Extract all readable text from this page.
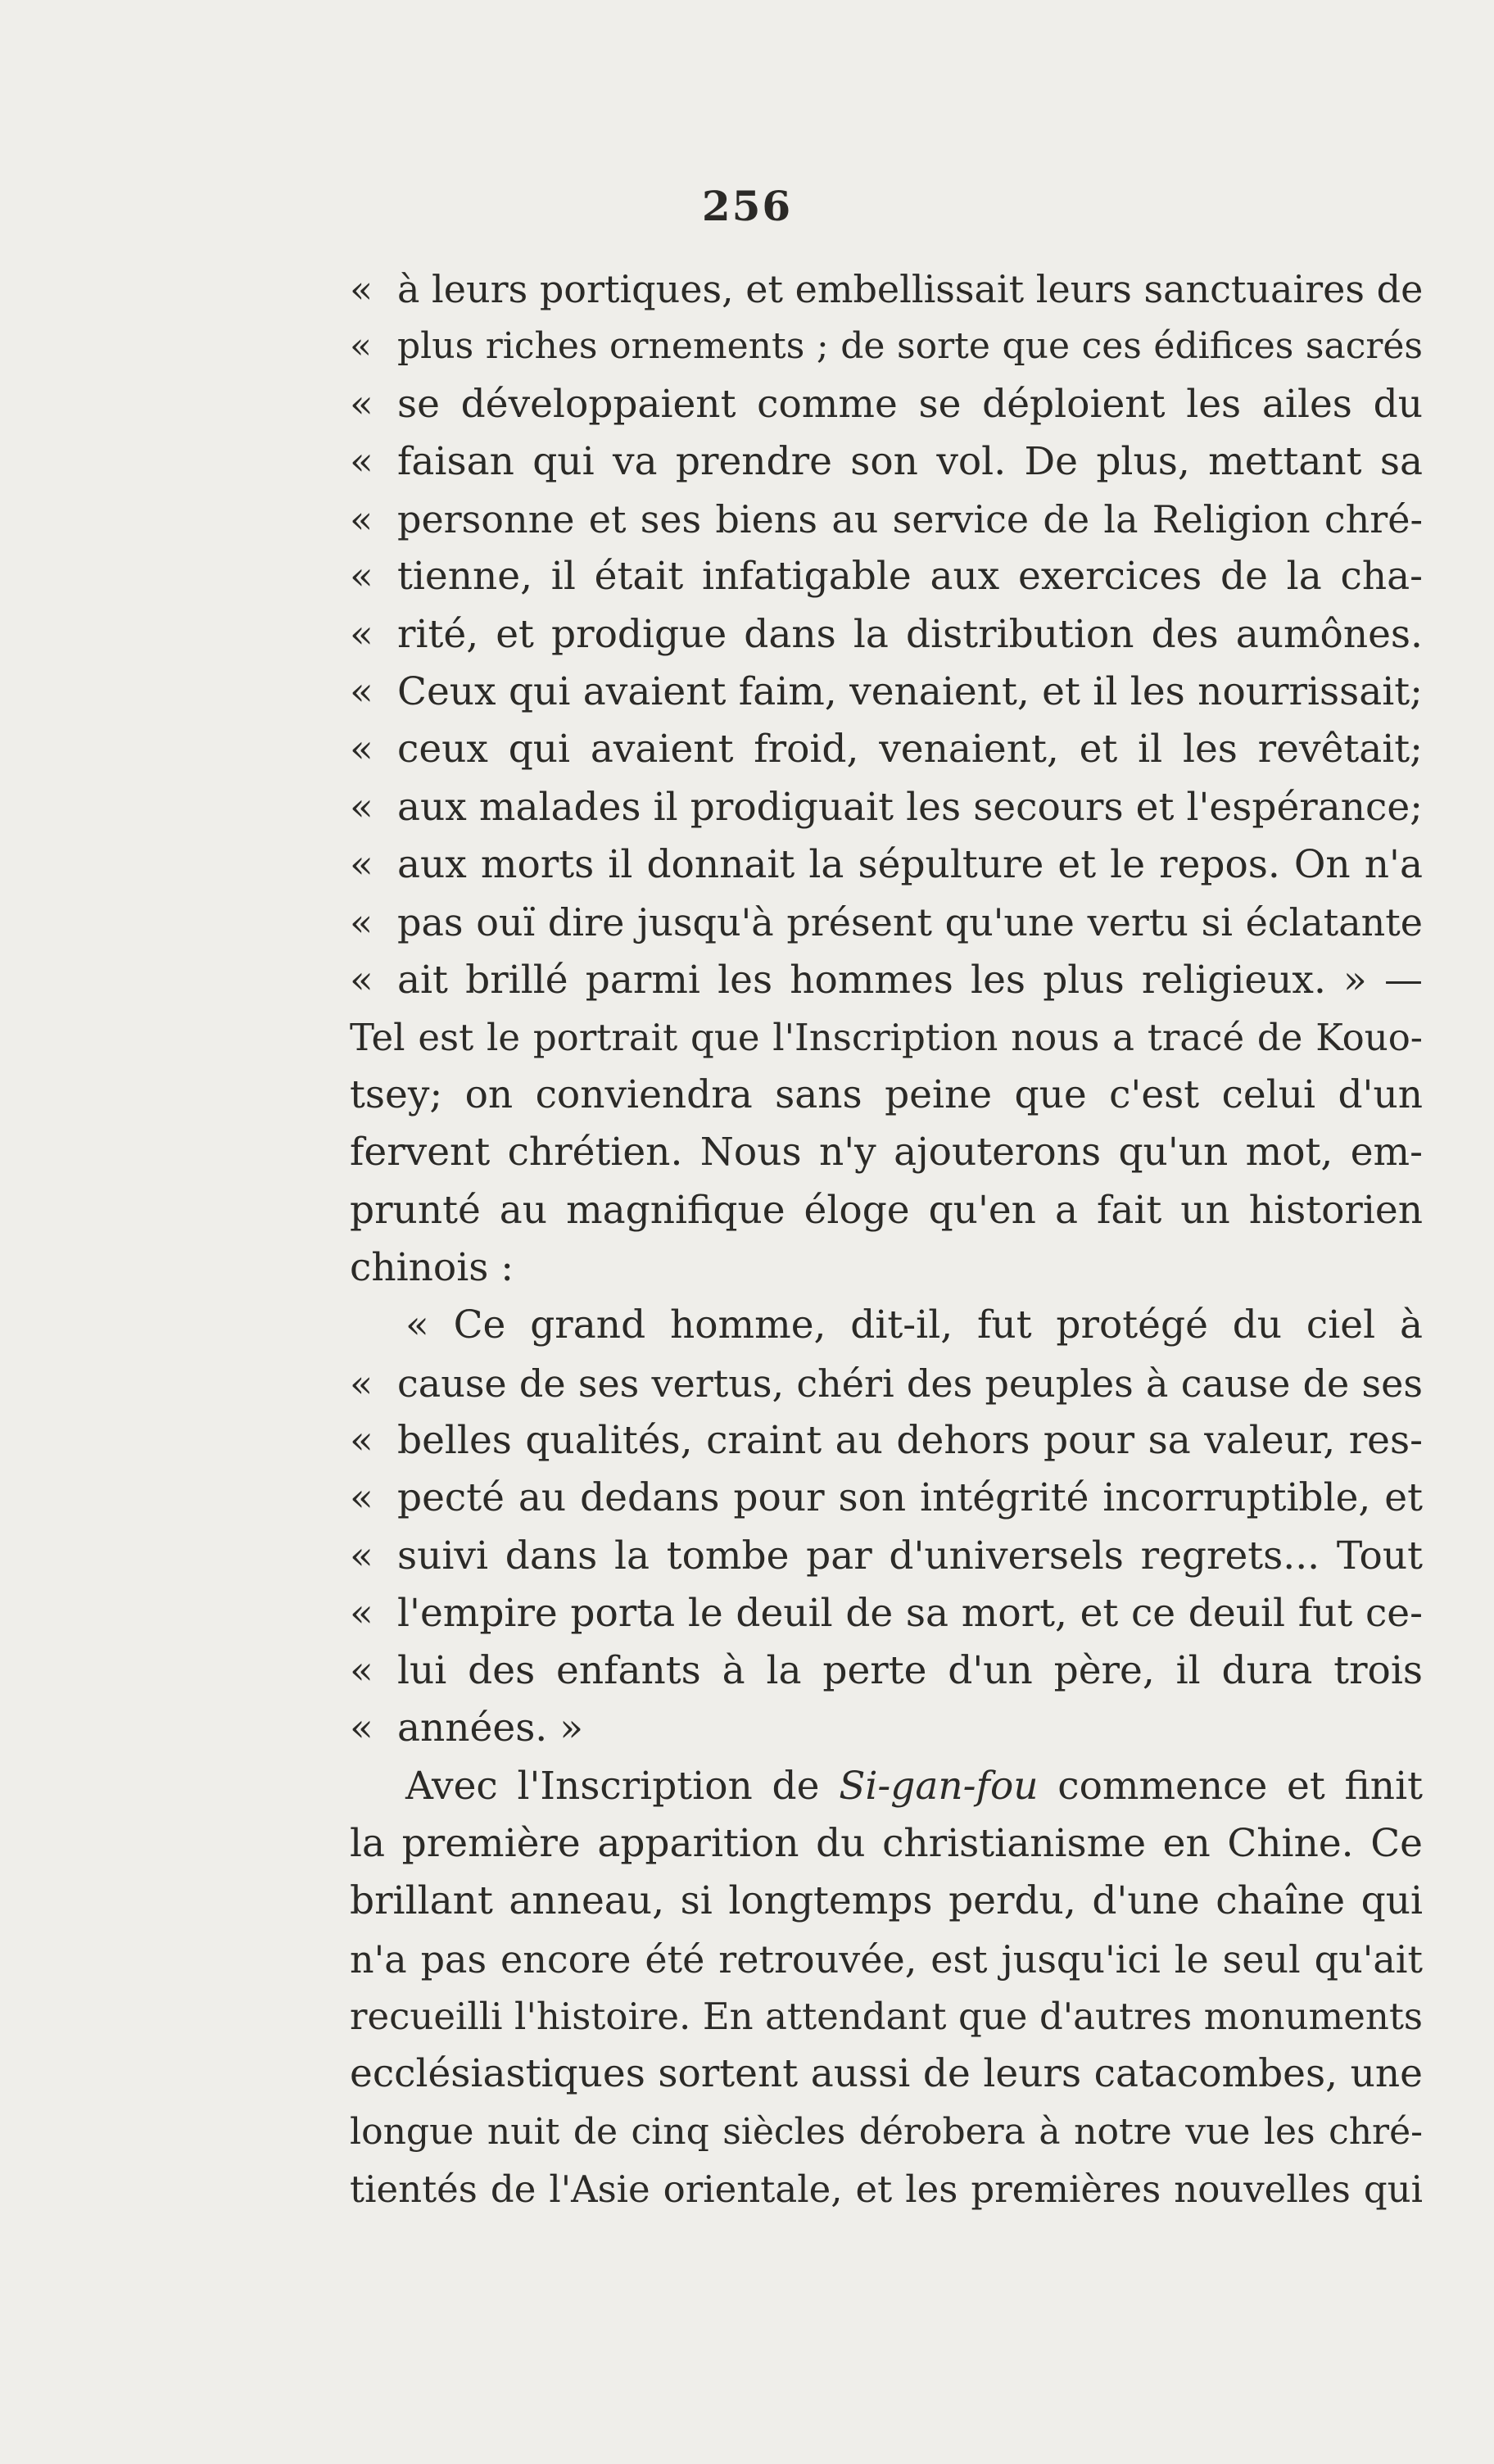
256
« à leurs portiques, et embellissait leurs sanctuaires de
« plus riches ornements ; de sorte que ces édifices sacrés
« se développaient comme se déploient les ailes du
« faisan qui va prendre son vol. De plus, mettant sa
« personne et ses biens au service de la Religion chré-
« tienne, il était infatigable aux exercices de la cha-
« rité, et prodigue dans la distribution des aumônes.
« Ceux qui avaient faim, venaient, et il les nourrissait;
« ceux qui avaient froid, venaient, et il les revêtait;
« aux malades il prodiguait les secours et l'espérance;
« aux morts il donnait la sépulture et le repos. On n'a
« pas ouï dire jusqu'à présent qu'une vertu si éclatante
« ait brillé parmi les hommes les plus religieux. » —
Tel est le portrait que l'Inscription nous a tracé de Kouo-
tsey; on conviendra sans peine que c'est celui d'un
fervent chrétien. Nous n'y ajouterons qu'un mot, em-
prunté au magnifique éloge qu'en a fait un historien
chinois :
« Ce grand homme, dit-il, fut protégé du ciel à
« cause de ses vertus, chéri des peuples à cause de ses
« belles qualités, craint au dehors pour sa valeur, res-
« pecté au dedans pour son intégrité incorruptible, et
« suivi dans la tombe par d'universels regrets... Tout
« l'empire porta le deuil de sa mort, et ce deuil fut ce-
« lui des enfants à la perte d'un père, il dura trois
« années. »
Avec l'Inscription de Si-gan-fou commence et finit
la première apparition du christianisme en Chine. Ce
brillant anneau, si longtemps perdu, d'une chaîne qui
n'a pas encore été retrouvée, est jusqu'ici le seul qu'ait
recueilli l'histoire. En attendant que d'autres monuments
ecclésiastiques sortent aussi de leurs catacombes, une
longue nuit de cinq siècles dérobera à notre vue les chré-
tientés de l'Asie orientale, et les premières nouvelles qui
